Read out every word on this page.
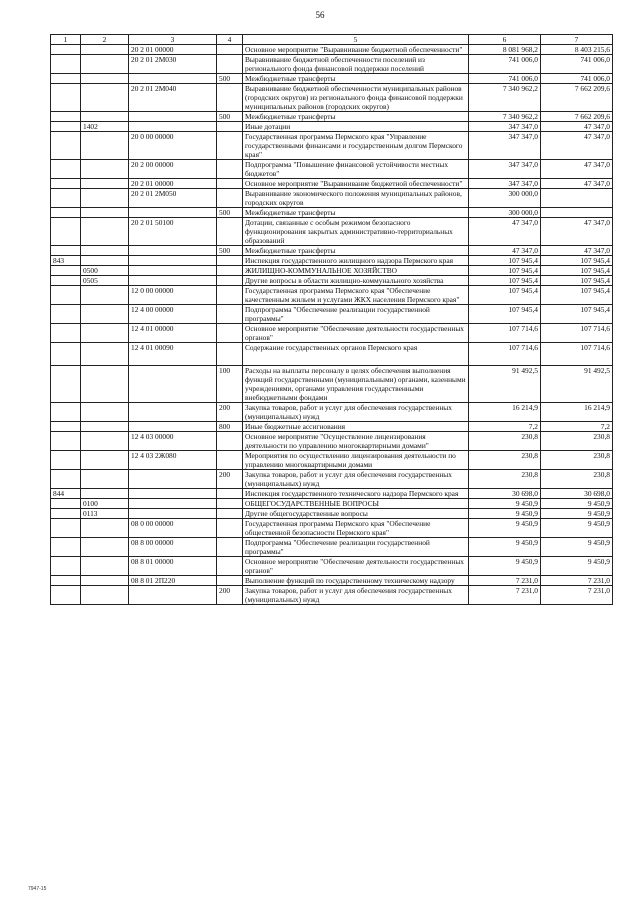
56
1	2	3	4	5	6	7
		20 2 01 00000		Основное мероприятие "Выравнивание бюджетной обеспеченности"	8 081 968,2	8 403 215,6
		20 2 01 2М030		Выравнивание бюджетной обеспеченности поселений из регионального фонда финансовой поддержки поселений	741 006,0	741 006,0
			500	Межбюджетные трансферты	741 006,0	741 006,0
		20 2 01 2М040		Выравнивание бюджетной обеспеченности муниципальных районов (городских округов) из регионального фонда финансовой поддержки муниципальных районов (городских округов)	7 340 962,2	7 662 209,6
			500	Межбюджетные трансферты	7 340 962,2	7 662 209,6
	1402			Иные дотации	347 347,0	47 347,0
		20 0 00 00000		Государственная программа Пермского края "Управление государственными финансами и государственным долгом Пермского края"	347 347,0	47 347,0
		20 2 00 00000		Подпрограмма "Повышение финансовой устойчивости местных бюджетов"	347 347,0	47 347,0
		20 2 01 00000		Основное мероприятие "Выравнивание бюджетной обеспеченности"	347 347,0	47 347,0
		20 2 01 2М050		Выравнивание экономического положения муниципальных районов, городских округов	300 000,0	
			500	Межбюджетные трансферты	300 000,0	
		20 2 01 50100		Дотации, связанные с особым режимом безопасного функционирования закрытых административно-территориальных образований	47 347,0	47 347,0
			500	Межбюджетные трансферты	47 347,0	47 347,0
843				Инспекция государственного жилищного надзора Пермского края	107 945,4	107 945,4
	0500			ЖИЛИЩНО-КОММУНАЛЬНОЕ ХОЗЯЙСТВО	107 945,4	107 945,4
	0505			Другие вопросы в области жилищно-коммунального хозяйства	107 945,4	107 945,4
		12 0 00 00000		Государственная программа Пермского края "Обеспечение качественным жильем и услугами ЖКХ населения Пермского края"	107 945,4	107 945,4
		12 4 00 00000		Подпрограмма "Обеспечение реализации государственной программы"	107 945,4	107 945,4
		12 4 01 00000		Основное мероприятие "Обеспечение деятельности государственных органов"	107 714,6	107 714,6
		12 4 01 00090		Содержание государственных органов Пермского края	107 714,6	107 714,6
			100	Расходы на выплаты персоналу в целях обеспечения выполнения функций государственными (муниципальными) органами, казенными учреждениями, органами управления государственными внебюджетными фондами	91 492,5	91 492,5
			200	Закупка товаров, работ и услуг для обеспечения государственных (муниципальных) нужд	16 214,9	16 214,9
			800	Иные бюджетные ассигнования	7,2	7,2
		12 4 03 00000		Основное мероприятие "Осуществление лицензирования деятельности по управлению многоквартирными домами"	230,8	230,8
		12 4 03 2Ж080		Мероприятия по осуществлению лицензирования деятельности по управлению многоквартирными домами	230,8	230,8
			200	Закупка товаров, работ и услуг для обеспечения государственных (муниципальных) нужд	230,8	230,8
844				Инспекция государственного технического надзора Пермского края	30 698,0	30 698,0
	0100			ОБЩЕГОСУДАРСТВЕННЫЕ ВОПРОСЫ	9 450,9	9 450,9
	0113			Другие общегосударственные вопросы	9 450,9	9 450,9
		08 0 00 00000		Государственная программа Пермского края "Обеспечение общественной безопасности Пермского края"	9 450,9	9 450,9
		08 8 00 00000		Подпрограмма "Обеспечение реализации государственной программы"	9 450,9	9 450,9
		08 8 01 00000		Основное мероприятие "Обеспечение деятельности государственных органов"	9 450,9	9 450,9
		08 8 01 2П220		Выполнение функций по государственному техническому надзору	7 231,0	7 231,0
			200	Закупка товаров, работ и услуг для обеспечения государственных (муниципальных) нужд	7 231,0	7 231,0
7947-15
